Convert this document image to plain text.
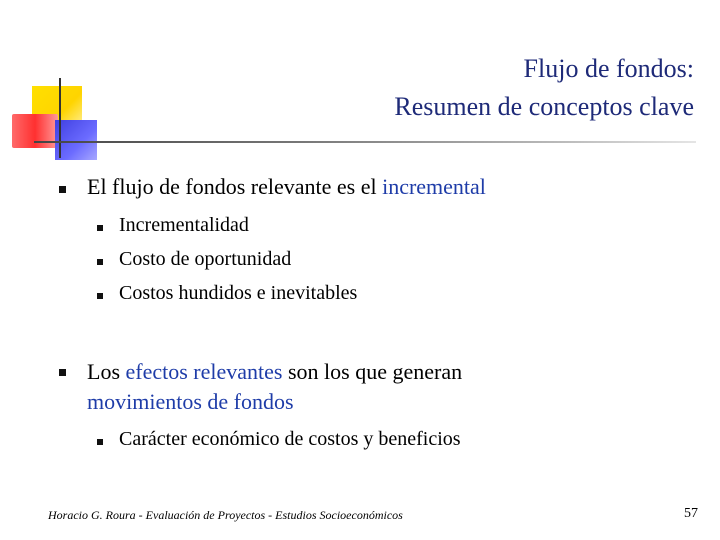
Flujo de fondos:
Resumen de conceptos clave
El flujo de fondos relevante es el incremental
Incrementalidad
Costo de oportunidad
Costos hundidos e inevitables
Los efectos relevantes son los que generan
movimientos de fondos
Carácter económico de costos y beneficios
Horacio G. Roura - Evaluación de Proyectos - Estudios Socioeconómicos	57
